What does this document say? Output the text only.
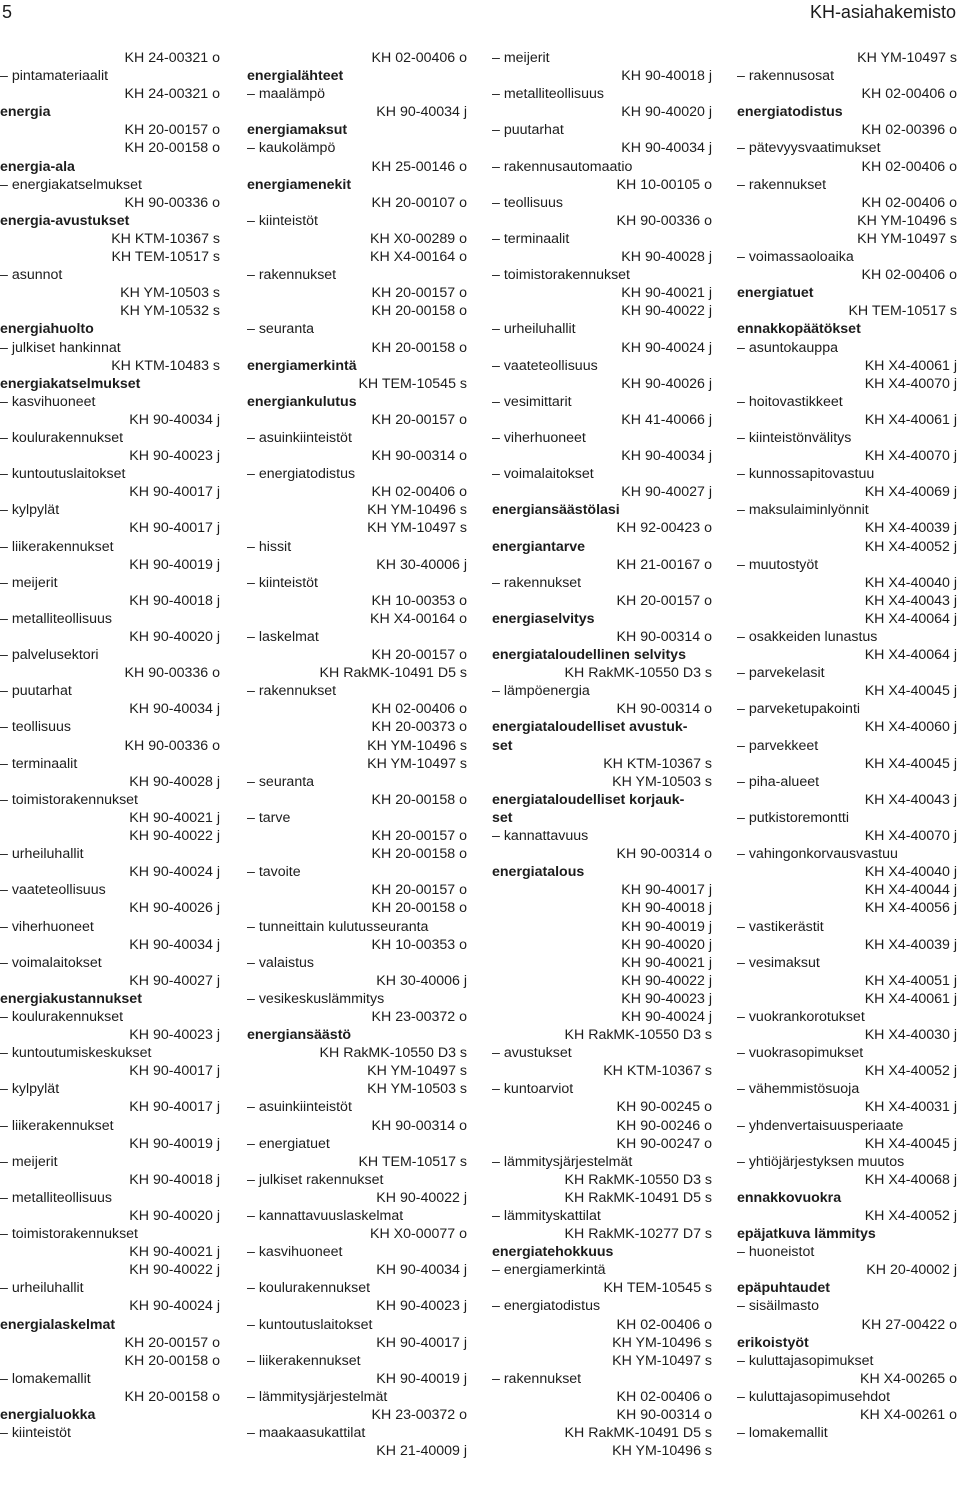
5	KH-asiahakemisto
KH 24-00321 o
– pintamateriaalit
KH 24-00321 o
energia
KH 20-00157 o
KH 20-00158 o
energia-ala
– energiakatselmukset
KH 90-00336 o
energia-avustukset
KH KTM-10367 s
KH TEM-10517 s
– asunnot
KH YM-10503 s
KH YM-10532 s
energiahuolto
– julkiset hankinnat
KH KTM-10483 s
energiakatselmukset
– kasvihuoneet
KH 90-40034 j
– koulurakennukset
KH 90-40023 j
– kuntoutuslaitokset
KH 90-40017 j
– kylpylät
KH 90-40017 j
– liikerakennukset
KH 90-40019 j
– meijerit
KH 90-40018 j
– metalliteollisuus
KH 90-40020 j
– palvelusektori
KH 90-00336 o
– puutarhat
KH 90-40034 j
– teollisuus
KH 90-00336 o
– terminaalit
KH 90-40028 j
– toimistorakennukset
KH 90-40021 j
KH 90-40022 j
– urheiluhallit
KH 90-40024 j
– vaateteollisuus
KH 90-40026 j
– viherhuoneet
KH 90-40034 j
– voimalaitokset
KH 90-40027 j
energiakustannukset
– koulurakennukset
KH 90-40023 j
– kuntoutumiskeskukset
KH 90-40017 j
– kylpylät
KH 90-40017 j
– liikerakennukset
KH 90-40019 j
– meijerit
KH 90-40018 j
– metalliteollisuus
KH 90-40020 j
– toimistorakennukset
KH 90-40021 j
KH 90-40022 j
– urheiluhallit
KH 90-40024 j
energialaskelmat
KH 20-00157 o
KH 20-00158 o
– lomakemallit
KH 20-00158 o
energialuokka
– kiinteistöt
KH 02-00406 o
energialähteet
– maalämpö
KH 90-40034 j
energiamaksut
– kaukolämpö
KH 25-00146 o
energiamenekit
KH 20-00107 o
– kiinteistöt
KH X0-00289 o
KH X4-00164 o
– rakennukset
KH 20-00157 o
KH 20-00158 o
– seuranta
KH 20-00158 o
energiamerkintä
KH TEM-10545 s
energiankulutus
KH 20-00157 o
– asuinkiinteistöt
KH 90-00314 o
– energiatodistus
KH 02-00406 o
KH YM-10496 s
KH YM-10497 s
– hissit
KH 30-40006 j
– kiinteistöt
KH 10-00353 o
KH X4-00164 o
– laskelmat
KH 20-00157 o
KH RakMK-10491 D5 s
– rakennukset
KH 02-00406 o
KH 20-00373 o
KH YM-10496 s
KH YM-10497 s
– seuranta
KH 20-00158 o
– tarve
KH 20-00157 o
KH 20-00158 o
– tavoite
KH 20-00157 o
KH 20-00158 o
– tunneittain kulutusseuranta
KH 10-00353 o
– valaistus
KH 30-40006 j
– vesikeskuslämmitys
KH 23-00372 o
energiansäästö
KH RakMK-10550 D3 s
KH YM-10497 s
KH YM-10503 s
– asuinkiinteistöt
KH 90-00314 o
– energiatuet
KH TEM-10517 s
– julkiset rakennukset
KH 90-40022 j
– kannattavuuslaskelmat
KH X0-00077 o
– kasvihuoneet
KH 90-40034 j
– koulurakennukset
KH 90-40023 j
– kuntoutuslaitokset
KH 90-40017 j
– liikerakennukset
KH 90-40019 j
– lämmitysjärjestelmät
KH 23-00372 o
– maakaasukattilat
KH 21-40009 j
– meijerit
KH 90-40018 j
– metalliteollisuus
KH 90-40020 j
– puutarhat
KH 90-40034 j
– rakennusautomaatio
KH 10-00105 o
– teollisuus
KH 90-00336 o
– terminaalit
KH 90-40028 j
– toimistorakennukset
KH 90-40021 j
KH 90-40022 j
– urheiluhallit
KH 90-40024 j
– vaateteollisuus
KH 90-40026 j
– vesimittarit
KH 41-40066 j
– viherhuoneet
KH 90-40034 j
– voimalaitokset
KH 90-40027 j
energiansäästölasi
KH 92-00423 o
energiantarve
KH 21-00167 o
– rakennukset
KH 20-00157 o
energiaselvitys
KH 90-00314 o
energiataloudellinen selvitys
KH RakMK-10550 D3 s
– lämpöenergia
KH 90-00314 o
energiataloudelliset avustuk-
set
KH KTM-10367 s
KH YM-10503 s
energiataloudelliset korjauk-
set
– kannattavuus
KH 90-00314 o
energiatalous
KH 90-40017 j
KH 90-40018 j
KH 90-40019 j
KH 90-40020 j
KH 90-40021 j
KH 90-40022 j
KH 90-40023 j
KH 90-40024 j
KH RakMK-10550 D3 s
– avustukset
KH KTM-10367 s
– kuntoarviot
KH 90-00245 o
KH 90-00246 o
KH 90-00247 o
– lämmitysjärjestelmät
KH RakMK-10550 D3 s
KH RakMK-10491 D5 s
– lämmityskattilat
KH RakMK-10277 D7 s
energiatehokkuus
– energiamerkintä
KH TEM-10545 s
– energiatodistus
KH 02-00406 o
KH YM-10496 s
KH YM-10497 s
– rakennukset
KH 02-00406 o
KH 90-00314 o
KH RakMK-10491 D5 s
KH YM-10496 s
KH YM-10497 s
– rakennusosat
KH 02-00406 o
energiatodistus
KH 02-00396 o
– pätevyysvaatimukset
KH 02-00406 o
– rakennukset
KH 02-00406 o
KH YM-10496 s
KH YM-10497 s
– voimassaoloaika
KH 02-00406 o
energiatuet
KH TEM-10517 s
ennakkopäätökset
– asuntokauppa
KH X4-40061 j
KH X4-40070 j
– hoitovastikkeet
KH X4-40061 j
– kiinteistönvälitys
KH X4-40070 j
– kunnossapitovastuu
KH X4-40069 j
– maksulaiminlyönnit
KH X4-40039 j
KH X4-40052 j
– muutostyöt
KH X4-40040 j
KH X4-40043 j
KH X4-40064 j
– osakkeiden lunastus
KH X4-40064 j
– parvekelasit
KH X4-40045 j
– parveketupakointi
KH X4-40060 j
– parvekkeet
KH X4-40045 j
– piha-alueet
KH X4-40043 j
– putkistoremontti
KH X4-40070 j
– vahingonkorvausvastuu
KH X4-40040 j
KH X4-40044 j
KH X4-40056 j
– vastikerästit
KH X4-40039 j
– vesimaksut
KH X4-40051 j
KH X4-40061 j
– vuokrankorotukset
KH X4-40030 j
– vuokrasopimukset
KH X4-40052 j
– vähemmistösuoja
KH X4-40031 j
– yhdenvertaisuusperiaate
KH X4-40045 j
– yhtiöjärjestyksen muutos
KH X4-40068 j
ennakkovuokra
KH X4-40052 j
epäjatkuva lämmitys
– huoneistot
KH 20-40002 j
epäpuhtaudet
– sisäilmasto
KH 27-00422 o
erikoistyöt
– kuluttajasopimukset
KH X4-00265 o
– kuluttajasopimusehdot
KH X4-00261 o
– lomakemallit
